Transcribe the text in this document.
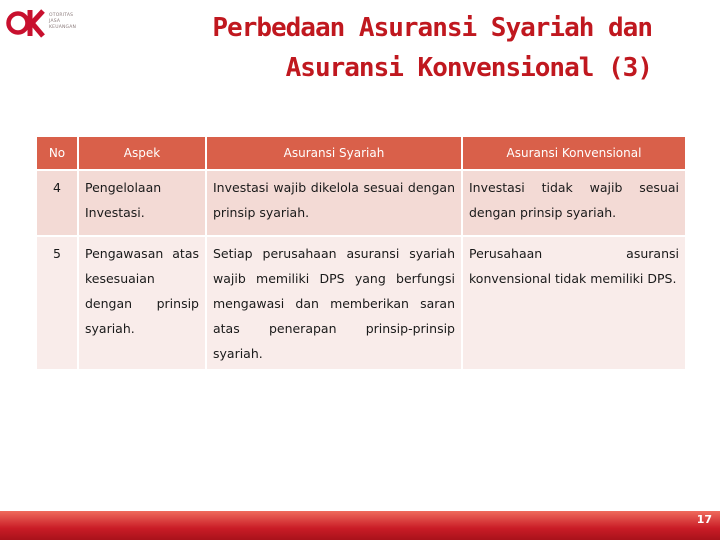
OTORITAS
JASA
KEUANGAN	Perbedaan Asuransi Syariah dan
Asuransi Konvensional (3)
No	Aspek	Asuransi Syariah	Asuransi Konvensional
4	Pengelolaan Investasi.	Investasi wajib dikelola sesuai dengan prinsip syariah.	Investasi tidak wajib sesuai dengan prinsip syariah.
5	Pengawasan atas kesesuaian dengan prinsip syariah.	Setiap perusahaan asuransi syariah wajib memiliki DPS yang berfungsi mengawasi dan memberikan saran atas penerapan prinsip-prinsip syariah.	Perusahaan asuransi konvensional tidak memiliki DPS.
17
